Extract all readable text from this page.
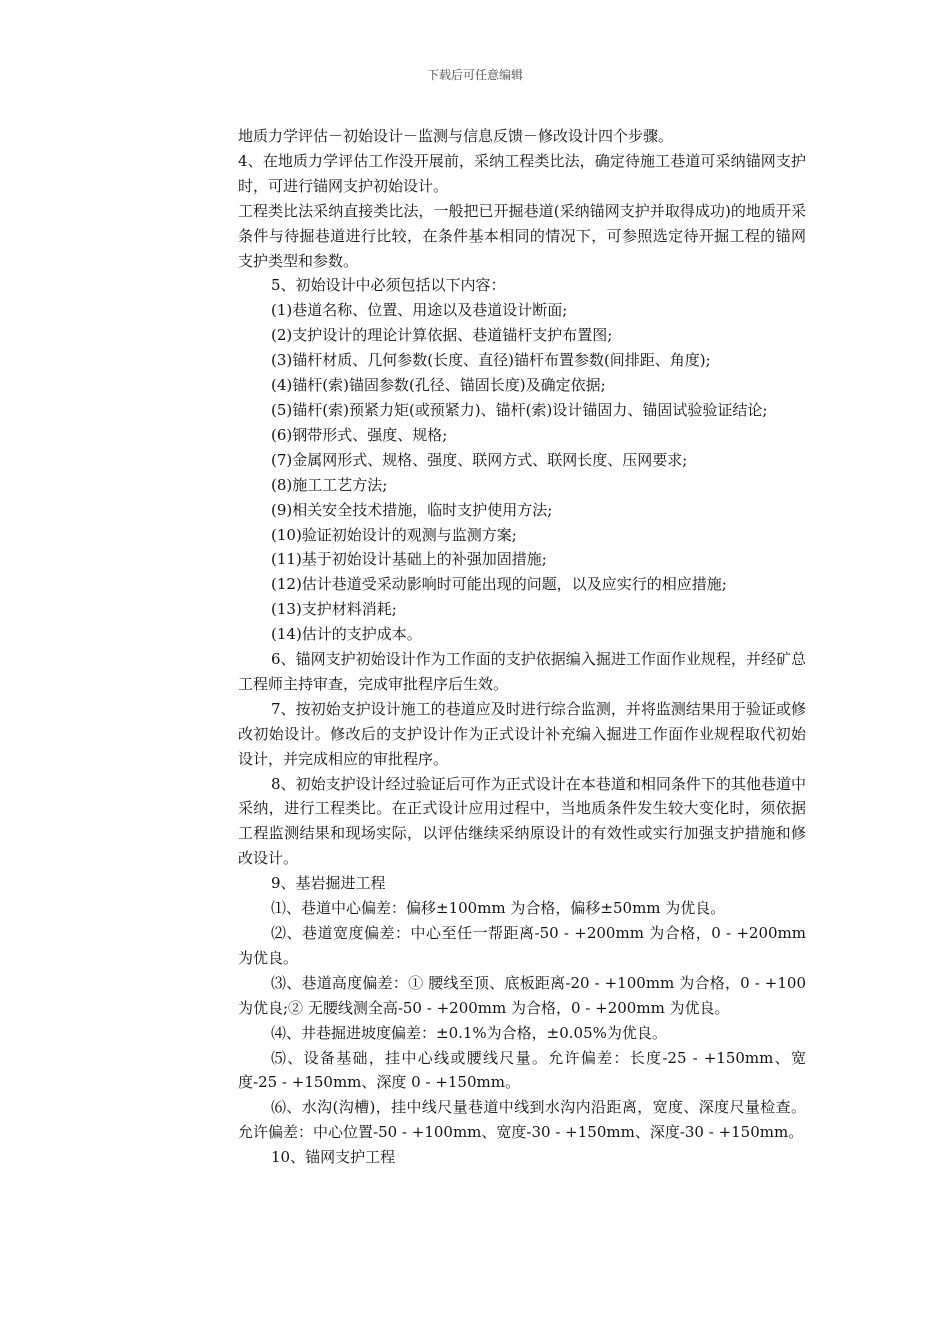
下载后可任意编辑

地质力学评估－初始设计－监测与信息反馈－修改设计四个步骤。

4、在地质力学评估工作没开展前，采纳工程类比法，确定待施工巷道可采纳锚网支护时，可进行锚网支护初始设计。

工程类比法采纳直接类比法，一般把已开掘巷道(采纳锚网支护并取得成功)的地质开采条件与待掘巷道进行比较，在条件基本相同的情况下，可参照选定待开掘工程的锚网支护类型和参数。

5、初始设计中必须包括以下内容：

(1)巷道名称、位置、用途以及巷道设计断面;

(2)支护设计的理论计算依据、巷道锚杆支护布置图;

(3)锚杆材质、几何参数(长度、直径)锚杆布置参数(间排距、角度);

(4)锚杆(索)锚固参数(孔径、锚固长度)及确定依据;

(5)锚杆(索)预紧力矩(或预紧力)、锚杆(索)设计锚固力、锚固试验验证结论;

(6)钢带形式、强度、规格;

(7)金属网形式、规格、强度、联网方式、联网长度、压网要求;

(8)施工工艺方法;

(9)相关安全技术措施，临时支护使用方法;

(10)验证初始设计的观测与监测方案;

(11)基于初始设计基础上的补强加固措施;

(12)估计巷道受采动影响时可能出现的问题，以及应实行的相应措施;

(13)支护材料消耗;

(14)估计的支护成本。

6、锚网支护初始设计作为工作面的支护依据编入掘进工作面作业规程，并经矿总工程师主持审查，完成审批程序后生效。

7、按初始支护设计施工的巷道应及时进行综合监测，并将监测结果用于验证或修改初始设计。修改后的支护设计作为正式设计补充编入掘进工作面作业规程取代初始设计，并完成相应的审批程序。

8、初始支护设计经过验证后可作为正式设计在本巷道和相同条件下的其他巷道中采纳，进行工程类比。在正式设计应用过程中，当地质条件发生较大变化时，须依据工程监测结果和现场实际，以评估继续采纳原设计的有效性或实行加强支护措施和修改设计。

9、基岩掘进工程

⑴、巷道中心偏差：偏移±100mm 为合格，偏移±50mm 为优良。

⑵、巷道宽度偏差：中心至任一帮距离-50 - +200mm 为合格，0 - +200mm 为优良。

⑶、巷道高度偏差：① 腰线至顶、底板距离-20 - +100mm 为合格，0 - +100 为优良;② 无腰线测全高-50 - +200mm 为合格，0 - +200mm 为优良。

⑷、井巷掘进坡度偏差：±0.1%为合格，±0.05%为优良。

⑸、设备基础，挂中心线或腰线尺量。允许偏差：长度-25 - +150mm、宽度-25 - +150mm、深度 0 - +150mm。

⑹、水沟(沟槽)，挂中线尺量巷道中线到水沟内沿距离，宽度、深度尺量检查。允许偏差：中心位置-50 - +100mm、宽度-30 - +150mm、深度-30 - +150mm。

10、锚网支护工程
